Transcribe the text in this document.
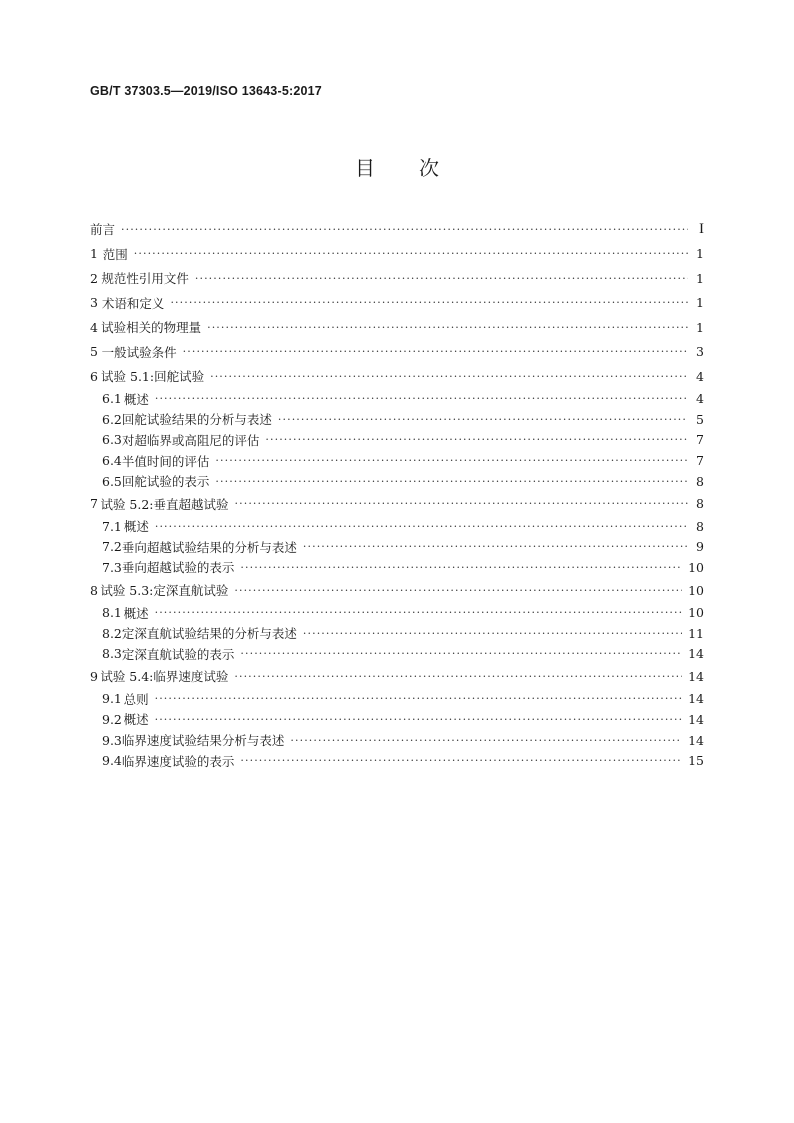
GB/T 37303.5—2019/ISO 13643-5:2017
目次
前言 ·····	I
1 范围 ·····	1
2 规范性引用文件 ·····	1
3 术语和定义 ·····	1
4 试验相关的物理量 ·····	1
5 一般试验条件 ·····	3
6 试验 5.1:回舵试验 ·····	4
6.1 概述 ·····	4
6.2 回舵试验结果的分析与表述 ·····	5
6.3 对超临界或高阻尼的评估 ·····	7
6.4 半值时间的评估 ·····	7
6.5 回舵试验的表示 ·····	8
7 试验 5.2:垂直超越试验 ·····	8
7.1 概述 ·····	8
7.2 垂向超越试验结果的分析与表述 ·····	9
7.3 垂向超越试验的表示 ·····	10
8 试验 5.3:定深直航试验 ·····	10
8.1 概述 ·····	10
8.2 定深直航试验结果的分析与表述 ·····	11
8.3 定深直航试验的表示 ·····	14
9 试验 5.4:临界速度试验 ·····	14
9.1 总则 ·····	14
9.2 概述 ·····	14
9.3 临界速度试验结果分析与表述 ·····	14
9.4 临界速度试验的表示 ·····	15
